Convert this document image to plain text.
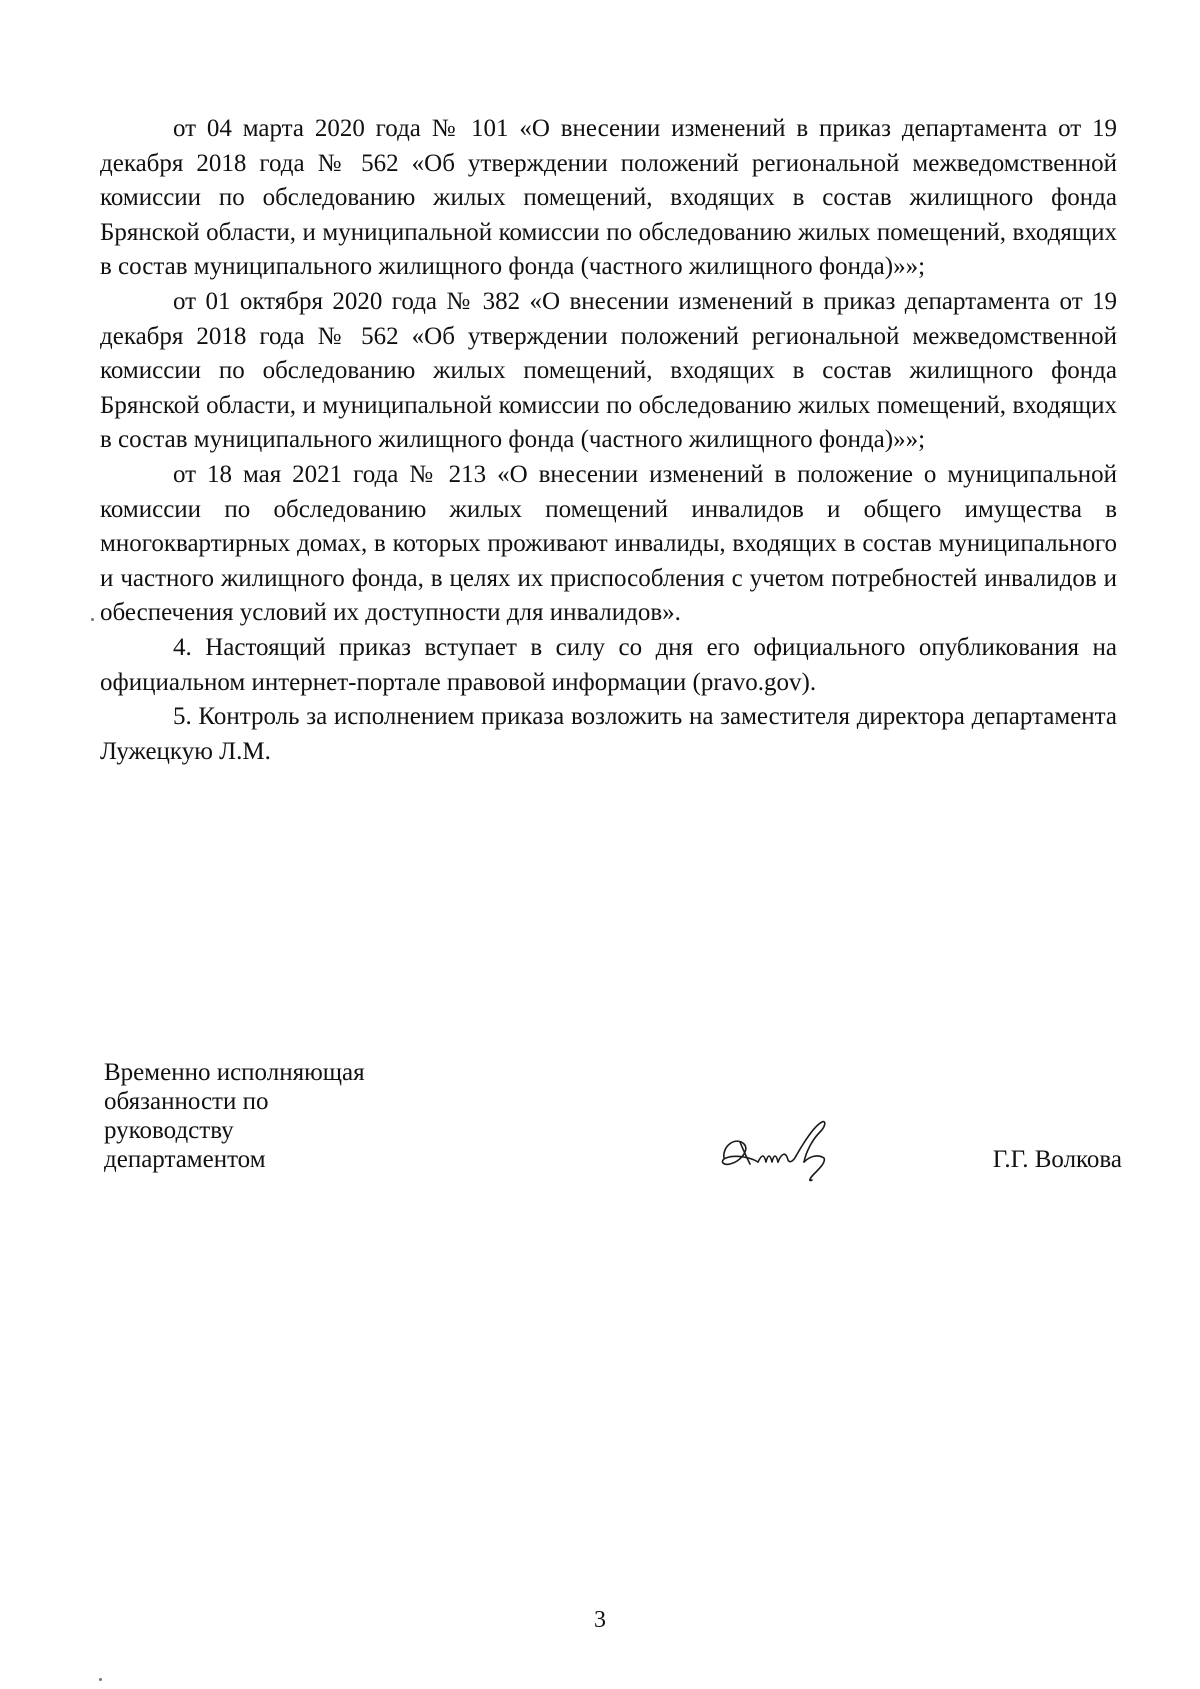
от 04 марта 2020 года № 101 «О внесении изменений в приказ департамента от 19 декабря 2018 года № 562 «Об утверждении положений региональной межведомственной комиссии по обследованию жилых помещений, входящих в состав жилищного фонда Брянской области, и муниципальной комиссии по обследованию жилых помещений, входящих в состав муниципального жилищного фонда (частного жилищного фонда)»»;

от 01 октября 2020 года № 382 «О внесении изменений в приказ департамента от 19 декабря 2018 года № 562 «Об утверждении положений региональной межведомственной комиссии по обследованию жилых помещений, входящих в состав жилищного фонда Брянской области, и муниципальной комиссии по обследованию жилых помещений, входящих в состав муниципального жилищного фонда (частного жилищного фонда)»»;

от 18 мая 2021 года № 213 «О внесении изменений в положение о муниципальной комиссии по обследованию жилых помещений инвалидов и общего имущества в многоквартирных домах, в которых проживают инвалиды, входящих в состав муниципального и частного жилищного фонда, в целях их приспособления с учетом потребностей инвалидов и обеспечения условий их доступности для инвалидов».

4. Настоящий приказ вступает в силу со дня его официального опубликования на официальном интернет-портале правовой информации (pravo.gov).

5. Контроль за исполнением приказа возложить на заместителя директора департамента Лужецкую Л.М.

Временно исполняющая
обязанности по
руководству
департаментом	Г.Г. Волкова
3
